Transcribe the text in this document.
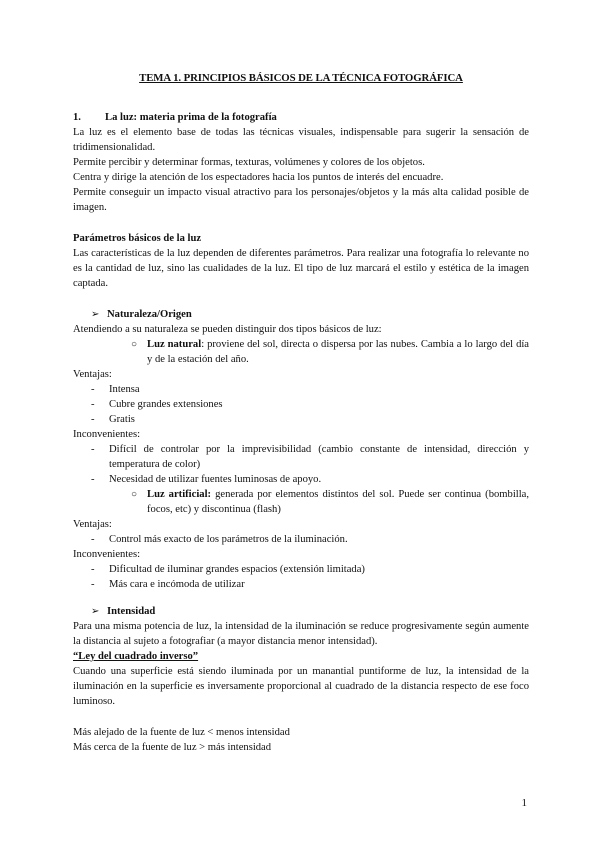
TEMA 1. PRINCIPIOS BÁSICOS DE LA TÉCNICA FOTOGRÁFICA
1. La luz: materia prima de la fotografía

La luz es el elemento base de todas las técnicas visuales, indispensable para sugerir la sensación de tridimensionalidad.

Permite percibir y determinar formas, texturas, volúmenes y colores de los objetos.

Centra y dirige la atención de los espectadores hacia los puntos de interés del encuadre.

Permite conseguir un impacto visual atractivo para los personajes/objetos y la más alta calidad posible de imagen.

Parámetros básicos de la luz

Las características de la luz dependen de diferentes parámetros. Para realizar una fotografía lo relevante no es la cantidad de luz, sino las cualidades de la luz. El tipo de luz marcará el estilo y estética de la imagen captada.

➢ Naturaleza/Origen

Atendiendo a su naturaleza se pueden distinguir dos tipos básicos de luz:

○ Luz natural: proviene del sol, directa o dispersa por las nubes. Cambia a lo largo del día y de la estación del año.

Ventajas:

- Intensa
- Cubre grandes extensiones
- Gratis

Inconvenientes:

- Difícil de controlar por la imprevisibilidad (cambio constante de intensidad, dirección y temperatura de color)
- Necesidad de utilizar fuentes luminosas de apoyo.
○ Luz artificial: generada por elementos distintos del sol. Puede ser continua (bombilla, focos, etc) y discontinua (flash)

Ventajas:

- Control más exacto de los parámetros de la iluminación.

Inconvenientes:

- Dificultad de iluminar grandes espacios (extensión limitada)
- Más cara e incómoda de utilizar
➢ Intensidad

Para una misma potencia de luz, la intensidad de la iluminación se reduce progresivamente según aumente la distancia al sujeto a fotografiar (a mayor distancia menor intensidad).

“Ley del cuadrado inverso”

Cuando una superficie está siendo iluminada por un manantial puntiforme de luz, la intensidad de la iluminación en la superficie es inversamente proporcional al cuadrado de la distancia respecto de ese foco luminoso.

Más alejado de la fuente de luz < menos intensidad

Más cerca de la fuente de luz > más intensidad

1
